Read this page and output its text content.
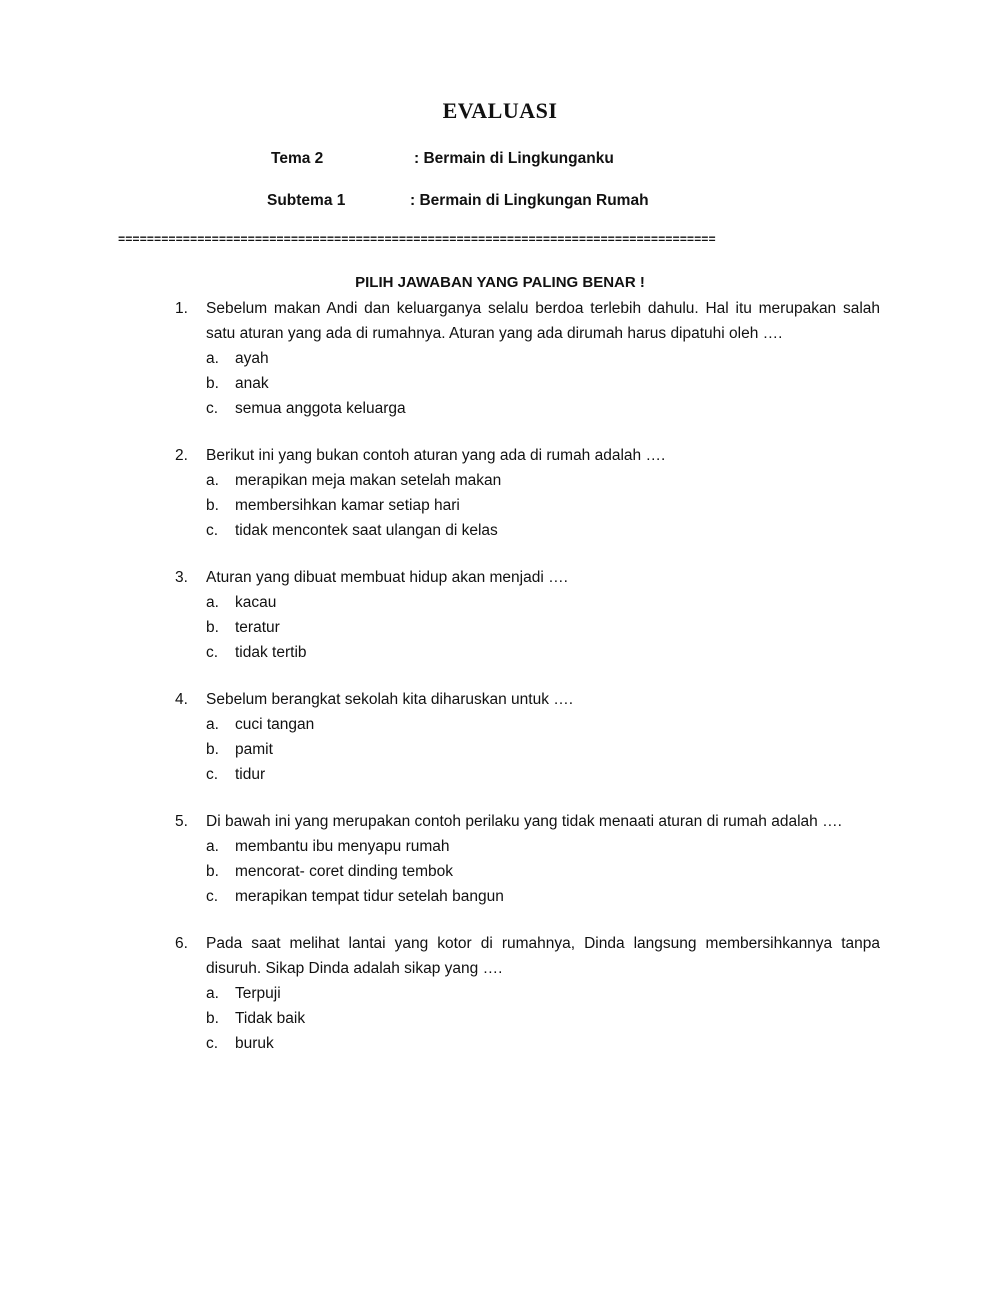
EVALUASI
Tema 2	: Bermain di Lingkunganku
Subtema 1	: Bermain di Lingkungan Rumah
===================================================================================
PILIH JAWABAN YANG PALING BENAR !
1. Sebelum makan Andi dan keluarganya selalu berdoa terlebih dahulu. Hal itu merupakan salah satu aturan yang ada di rumahnya. Aturan yang ada dirumah harus dipatuhi oleh ….
a. ayah
b. anak
c. semua anggota keluarga
2. Berikut ini yang bukan contoh aturan yang ada di rumah adalah ….
a. merapikan meja makan setelah makan
b. membersihkan kamar setiap hari
c. tidak mencontek saat ulangan di kelas
3. Aturan yang dibuat membuat hidup akan menjadi ….
a. kacau
b. teratur
c. tidak tertib
4. Sebelum berangkat sekolah kita diharuskan untuk ….
a. cuci tangan
b. pamit
c. tidur
5. Di bawah ini yang merupakan contoh perilaku yang tidak menaati aturan di rumah adalah ….
a. membantu ibu menyapu rumah
b. mencorat- coret dinding tembok
c. merapikan tempat tidur setelah bangun
6. Pada saat melihat lantai yang kotor di rumahnya, Dinda langsung membersihkannya tanpa disuruh. Sikap Dinda adalah sikap yang ….
a. Terpuji
b. Tidak baik
c. buruk
